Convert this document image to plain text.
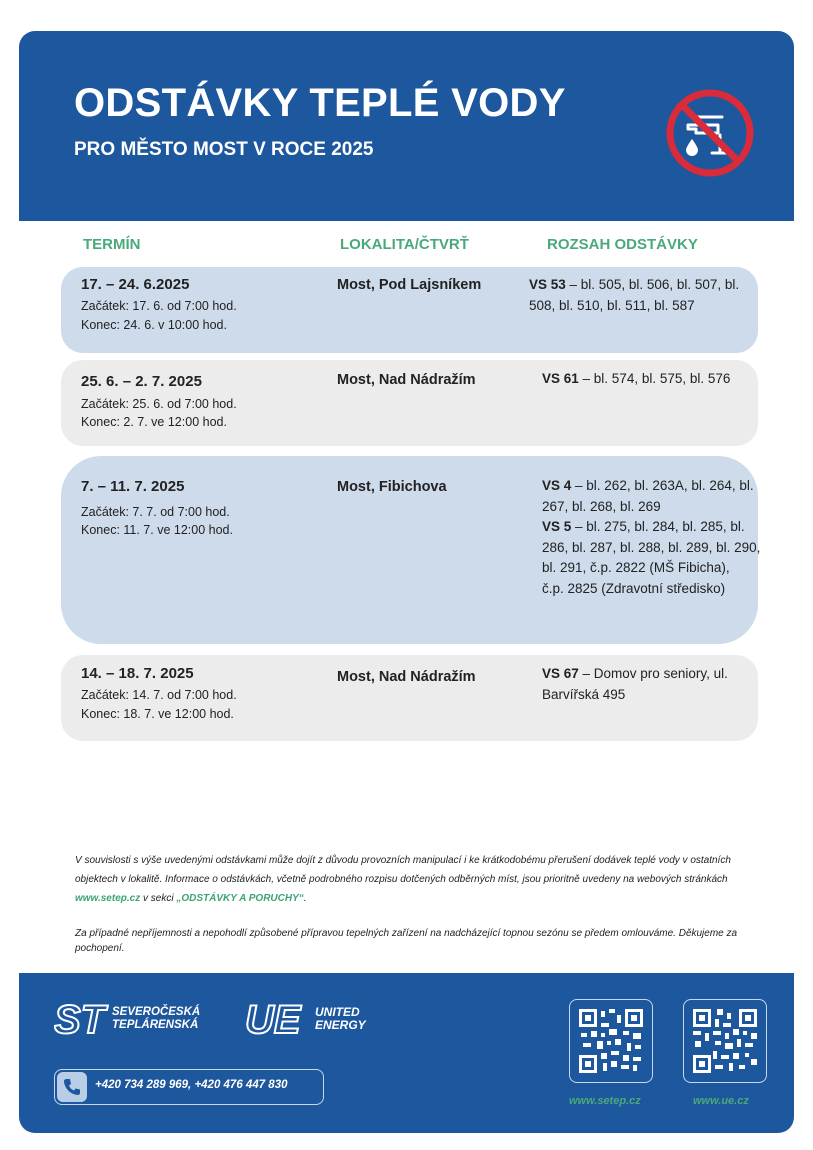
ODSTÁVKY TEPLÉ VODY
PRO MĚSTO MOST V ROCE 2025
TERMÍN	LOKALITA/ČTVRŤ	ROZSAH ODSTÁVKY
17. – 24. 6.2025
Začátek: 17. 6. od 7:00 hod.
Konec: 24. 6. v 10:00 hod.
Most, Pod Lajsníkem	VS 53 – bl. 505, bl. 506, bl. 507, bl. 508, bl. 510, bl. 511, bl. 587
25. 6. – 2. 7. 2025
Začátek: 25. 6. od 7:00 hod.
Konec: 2. 7. ve 12:00 hod.
Most, Nad Nádražím	VS 61 – bl. 574, bl. 575, bl. 576
7. – 11. 7. 2025
Začátek: 7. 7. od 7:00 hod.
Konec: 11. 7. ve 12:00 hod.
Most, Fibichova	VS 4 – bl. 262, bl. 263A, bl. 264, bl. 267, bl. 268, bl. 269
VS 5 – bl. 275, bl. 284, bl. 285, bl. 286, bl. 287, bl. 288, bl. 289, bl. 290, bl. 291, č.p. 2822 (MŠ Fibicha),
č.p. 2825 (Zdravotní středisko)
14. – 18. 7. 2025
Začátek: 14. 7. od 7:00 hod.
Konec: 18. 7. ve 12:00 hod.
Most, Nad Nádražím	VS 67 – Domov pro seniory, ul. Barvířská 495
V souvislosti s výše uvedenými odstávkami může dojít z důvodu provozních manipulací i ke krátkodobému přerušení dodávek teplé vody v ostatních objektech v lokalitě. Informace o odstávkách, včetně podrobného rozpisu dotčených odběrných míst, jsou prioritně uvedeny na webových stránkách www.setep.cz v sekci „ODSTÁVKY A PORUCHY“.
Za případné nepříjemnosti a nepohodlí způsobené přípravou tepelných zařízení na nadcházející topnou sezónu se předem omlouváme. Děkujeme za pochopení.
ST SEVEROČESKÁ
TEPLÁRENSKÁ UE UNITED
ENERGY
+420 734 289 969, +420 476 447 830
www.setep.cz	www.ue.cz
